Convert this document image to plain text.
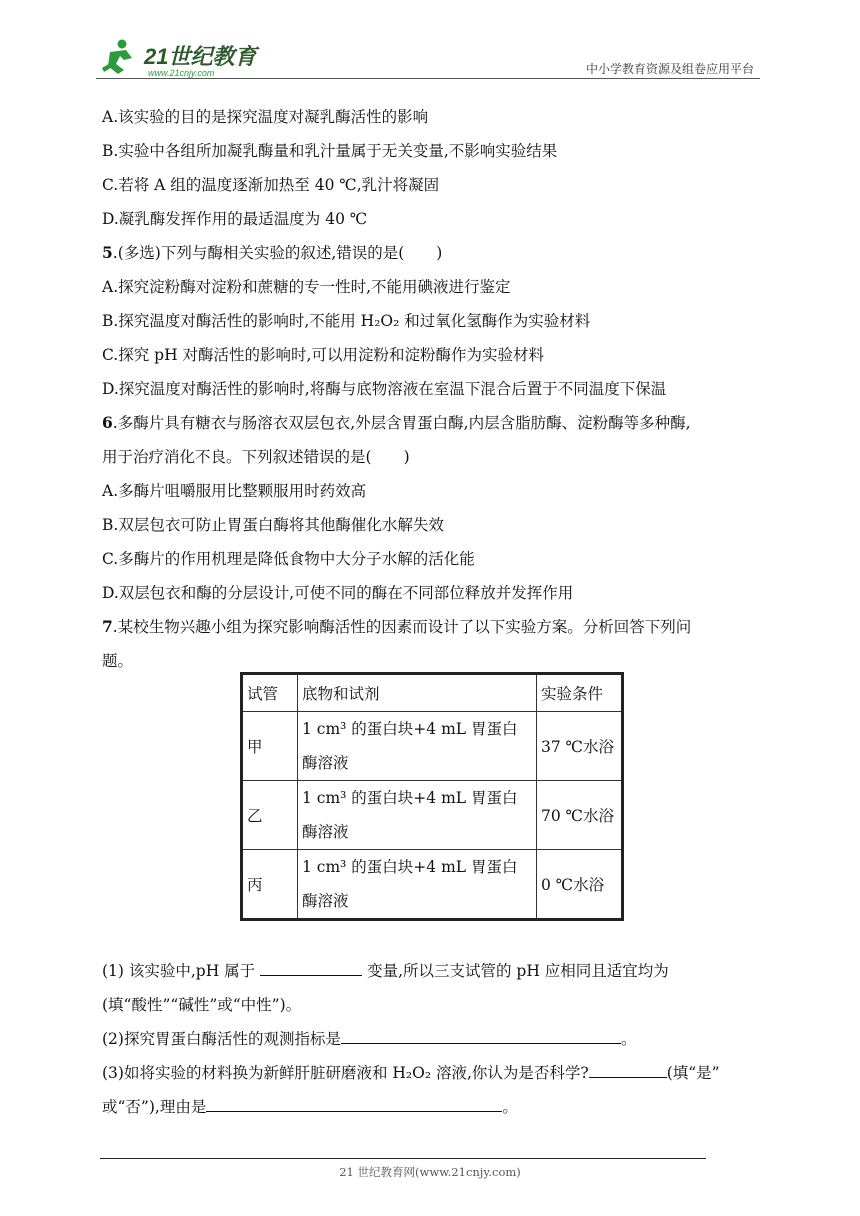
21世纪教育
www.21cnjy.com	中小学教育资源及组卷应用平台
A.该实验的目的是探究温度对凝乳酶活性的影响
B.实验中各组所加凝乳酶量和乳汁量属于无关变量,不影响实验结果
C.若将 A 组的温度逐渐加热至 40 ℃,乳汁将凝固
D.凝乳酶发挥作用的最适温度为 40 ℃
5.(多选)下列与酶相关实验的叙述,错误的是( )
A.探究淀粉酶对淀粉和蔗糖的专一性时,不能用碘液进行鉴定
B.探究温度对酶活性的影响时,不能用 H₂O₂ 和过氧化氢酶作为实验材料
C.探究 pH 对酶活性的影响时,可以用淀粉和淀粉酶作为实验材料
D.探究温度对酶活性的影响时,将酶与底物溶液在室温下混合后置于不同温度下保温
6.多酶片具有糖衣与肠溶衣双层包衣,外层含胃蛋白酶,内层含脂肪酶、淀粉酶等多种酶,
用于治疗消化不良。下列叙述错误的是( )
A.多酶片咀嚼服用比整颗服用时药效高
B.双层包衣可防止胃蛋白酶将其他酶催化水解失效
C.多酶片的作用机理是降低食物中大分子水解的活化能
D.双层包衣和酶的分层设计,可使不同的酶在不同部位释放并发挥作用
7.某校生物兴趣小组为探究影响酶活性的因素而设计了以下实验方案。分析回答下列问
题。
试管	底物和试剂	实验条件
甲	1 cm³ 的蛋白块+4 mL 胃蛋白
酶溶液	37 ℃水浴
乙	1 cm³ 的蛋白块+4 mL 胃蛋白
酶溶液	70 ℃水浴
丙	1 cm³ 的蛋白块+4 mL 胃蛋白
酶溶液	0 ℃水浴
(1) 该实验中,pH 属于	变量,所以三支试管的 pH 应相同且适宜均为
(填“酸性”“碱性”或“中性”)。
(2)探究胃蛋白酶活性的观测指标是	。
(3)如将实验的材料换为新鲜肝脏研磨液和 H₂O₂ 溶液,你认为是否科学?	(填“是”
或“否”),理由是	。
21 世纪教育网(www.21cnjy.com)
